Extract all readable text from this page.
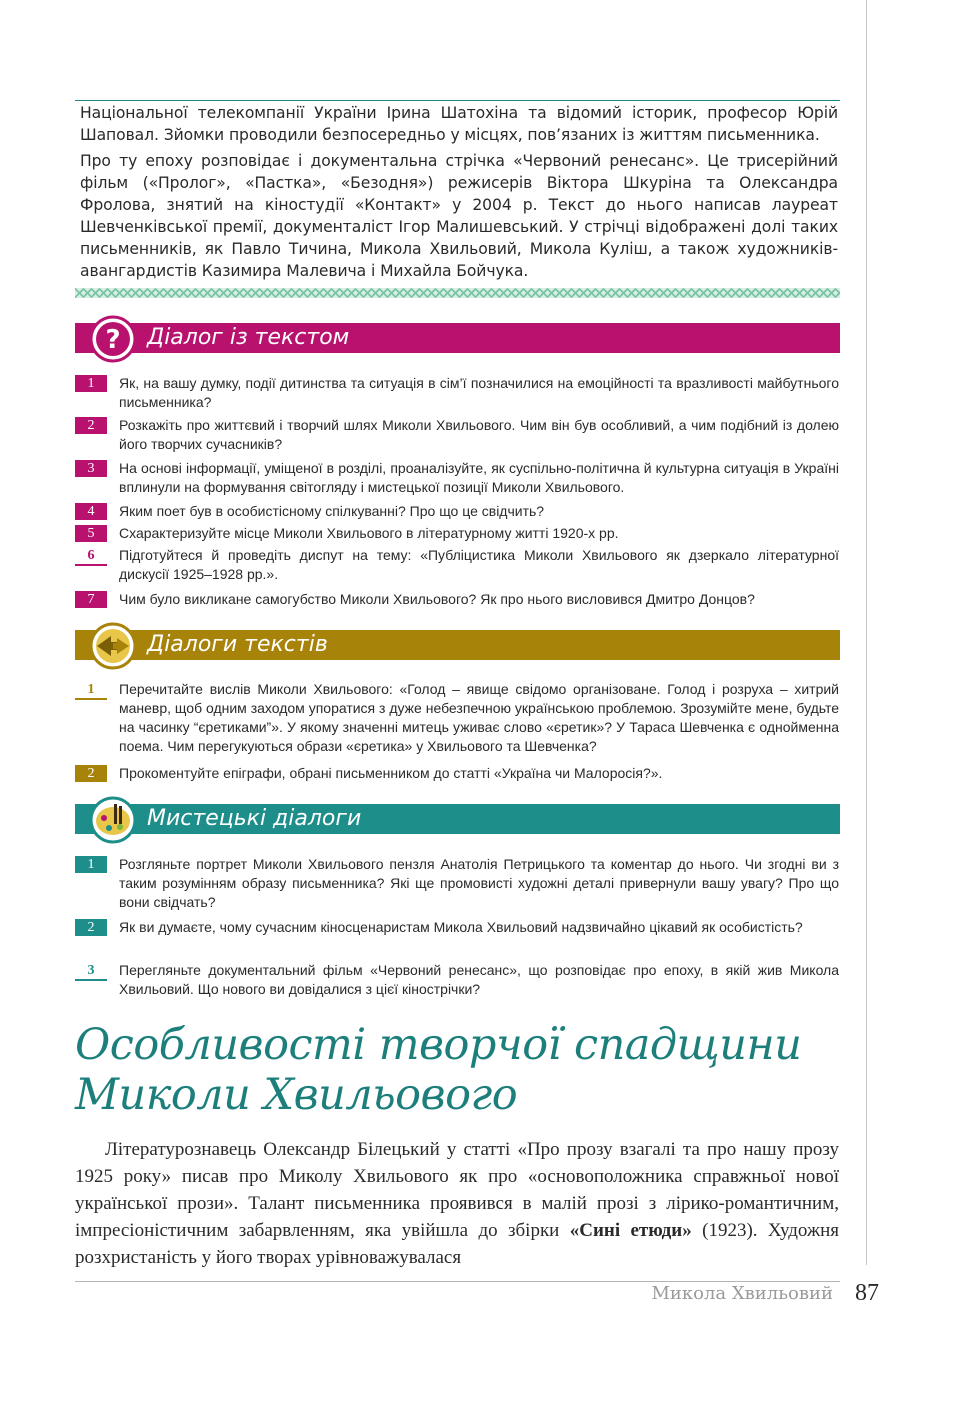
Національної телекомпанії України Ірина Шатохіна та відомий історик, професор Юрій Шаповал. Зйомки проводили безпосередньо у місцях, пов’язаних із життям письменника.

Про ту епоху розповідає і документальна стрічка «Червоний ренесанс». Це трисерійний фільм («Пролог», «Пастка», «Безодня») режисерів Віктора Шкуріна та Олександра Фролова, знятий на кіностудії «Контакт» у 2004 р. Текст до нього написав лауреат Шевченківської премії, документаліст Ігор Малишевський. У стрічці відображені долі таких письменників, як Павло Тичина, Микола Хвильовий, Микола Куліш, а також художників-авангардистів Казимира Малевича і Михайла Бойчука.

? Діалог із текстом
1	Як, на вашу думку, події дитинства та ситуація в сім’ї позначилися на емоційності та вразливості майбутнього письменника?
2	Розкажіть про життєвий і творчий шлях Миколи Хвильового. Чим він був особливий, а чим подібний із долею його творчих сучасників?
3	На основі інформації, уміщеної в розділі, проаналізуйте, як суспільно-політична й культурна ситуація в Україні вплинули на формування світогляду і мистецької позиції Миколи Хвильового.
4	Яким поет був в особистісному спілкуванні? Про що це свідчить?
5	Схарактеризуйте місце Миколи Хвильового в літературному житті 1920-х рр.
6	Підготуйтеся й проведіть диспут на тему: «Публіцистика Миколи Хвильового як дзеркало літературної дискусії 1925–1928 рр.».
7	Чим було викликане самогубство Миколи Хвильового? Як про нього висловився Дмитро Донцов?
Діалоги текстів
1	Перечитайте вислів Миколи Хвильового: «Голод – явище свідомо організоване. Голод і розруха – хитрий маневр, щоб одним заходом упоратися з дуже небезпечною українською проблемою. Зрозумійте мене, будьте на часинку “єретиками”». У якому значенні митець уживає слово «єретик»? У Тараса Шевченка є однойменна поема. Чим перегукуються образи «єретика» у Хвильового та Шевченка?
2	Прокоментуйте епіграфи, обрані письменником до статті «Україна чи Малоросія?».
Мистецькі діалоги
1	Розгляньте портрет Миколи Хвильового пензля Анатолія Петрицького та коментар до нього. Чи згодні ви з таким розумінням образу письменника? Які ще промовисті художні деталі привернули вашу увагу? Про що вони свідчать?
2	Як ви думаєте, чому сучасним кіносценаристам Микола Хвильовий надзвичайно цікавий як особистість?
3	Перегляньте документальний фільм «Червоний ренесанс», що розповідає про епоху, в якій жив Микола Хвильовий. Що нового ви довідалися з цієї кінострічки?
Особливості творчої спадщини
Миколи Хвильового
Літературознавець Олександр Білецький у статті «Про прозу взагалі та про нашу прозу 1925 року» писав про Миколу Хвильового як про «основоположника справжньої нової української прози». Талант письменника проявився в малій прозі з лірико-романтичним, імпресіоністичним забарвленням, яка увійшла до збірки «Сині етюди» (1923). Художня розхристаність у його творах урівноважувалася
Микола Хвильовий 87
